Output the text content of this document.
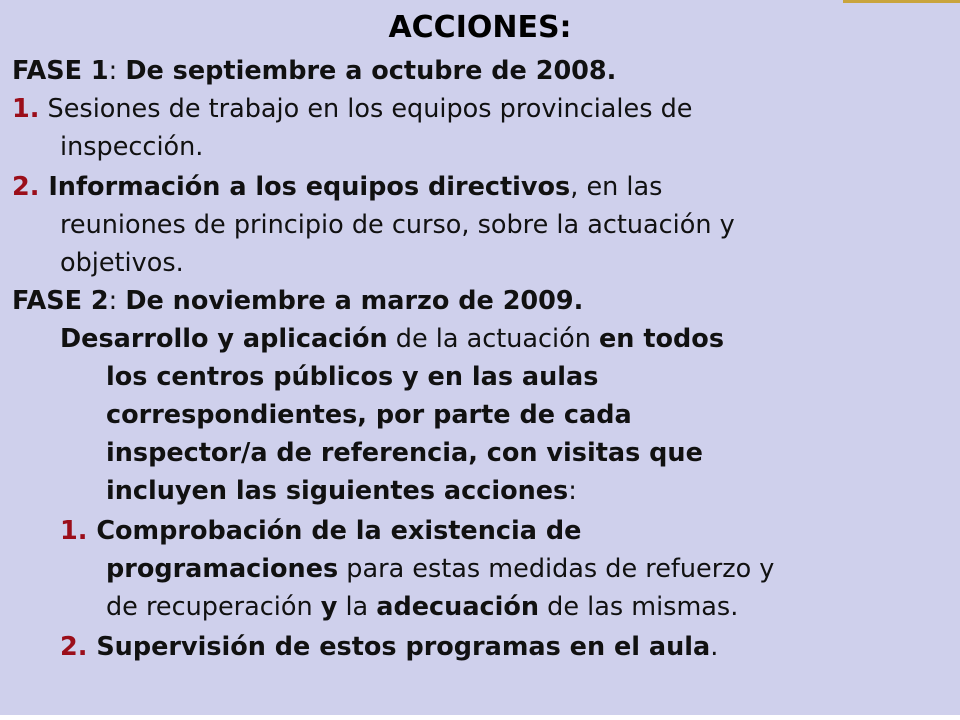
ACCIONES:
FASE 1: De septiembre a octubre de 2008.
1. Sesiones de trabajo en los equipos provinciales de
inspección.
2. Información a los equipos directivos, en las
reuniones de principio de curso, sobre la actuación y
objetivos.
FASE 2: De noviembre a marzo de 2009.
Desarrollo y aplicación de la actuación en todos
los centros públicos y en las aulas
correspondientes, por parte de cada
inspector/a de referencia, con visitas que
incluyen las siguientes acciones:
1. Comprobación de la existencia de
programaciones para estas medidas de refuerzo y
de recuperación y la adecuación de las mismas.
2. Supervisión de estos programas en el aula.
